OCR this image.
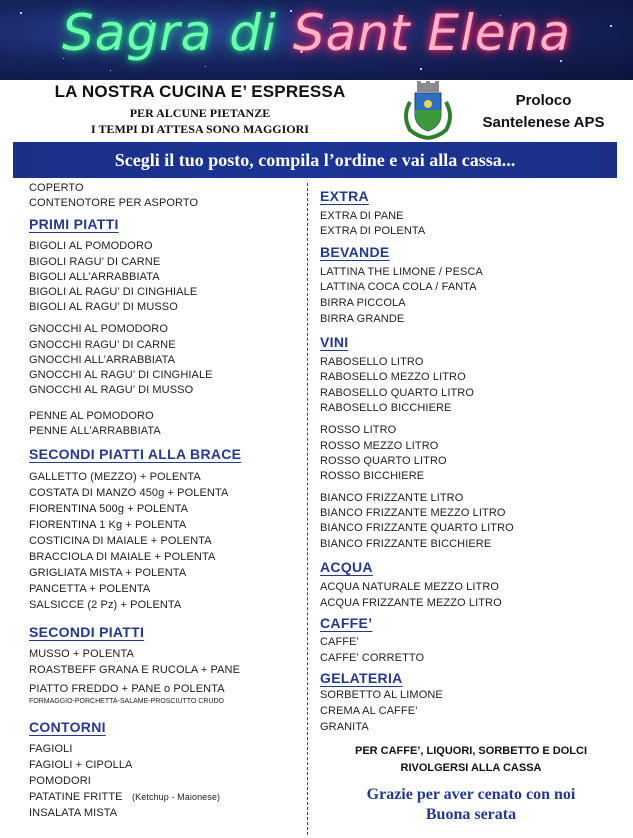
Sagra di Sant Elena
LA NOSTRA CUCINA E’ ESPRESSA
PER ALCUNE PIETANZE
I TEMPI DI ATTESA SONO MAGGIORI
Proloco
Santelenese APS
Scegli il tuo posto, compila l’ordine e vai alla cassa...
COPERTO
CONTENOTORE PER ASPORTO
PRIMI PIATTI
BIGOLI AL POMODORO
BIGOLI RAGU’ DI CARNE
BIGOLI ALL’ARRABBIATA
BIGOLI AL RAGU’ DI CINGHIALE
BIGOLI AL RAGU’ DI MUSSO
GNOCCHI AL POMODORO
GNOCCHI RAGU’ DI CARNE
GNOCCHI ALL’ARRABBIATA
GNOCCHI AL RAGU’ DI CINGHIALE
GNOCCHI AL RAGU’ DI MUSSO
PENNE AL POMODORO
PENNE ALL’ARRABBIATA
SECONDI PIATTI ALLA BRACE
GALLETTO (MEZZO) + POLENTA
COSTATA DI MANZO 450g + POLENTA
FIORENTINA 500g + POLENTA
FIORENTINA 1 Kg + POLENTA
COSTICINA DI MAIALE + POLENTA
BRACCIOLA DI MAIALE + POLENTA
GRIGLIATA MISTA + POLENTA
PANCETTA + POLENTA
SALSICCE (2 Pz) + POLENTA
SECONDI PIATTI
MUSSO + POLENTA
ROASTBEFF GRANA E RUCOLA + PANE
PIATTO FREDDO + PANE o POLENTA
FORMAGGIO-PORCHETTA-SALAME-PROSCIUTTO CRUDO
CONTORNI
FAGIOLI
FAGIOLI + CIPOLLA
POMODORI
PATATINE FRITTE (Ketchup - Maionese)
INSALATA MISTA
EXTRA
EXTRA DI PANE
EXTRA DI POLENTA
BEVANDE
LATTINA THE LIMONE / PESCA
LATTINA COCA COLA / FANTA
BIRRA PICCOLA
BIRRA GRANDE
VINI
RABOSELLO LITRO
RABOSELLO MEZZO LITRO
RABOSELLO QUARTO LITRO
RABOSELLO BICCHIERE
ROSSO LITRO
ROSSO MEZZO LITRO
ROSSO QUARTO LITRO
ROSSO BICCHIERE
BIANCO FRIZZANTE LITRO
BIANCO FRIZZANTE MEZZO LITRO
BIANCO FRIZZANTE QUARTO LITRO
BIANCO FRIZZANTE BICCHIERE
ACQUA
ACQUA NATURALE MEZZO LITRO
ACQUA FRIZZANTE MEZZO LITRO
CAFFE’
CAFFE’
CAFFE’ CORRETTO
GELATERIA
SORBETTO AL LIMONE
CREMA AL CAFFE’
GRANITA
PER CAFFE’, LIQUORI, SORBETTO E DOLCI
RIVOLGERSI ALLA CASSA
Grazie per aver cenato con noi
Buona serata
